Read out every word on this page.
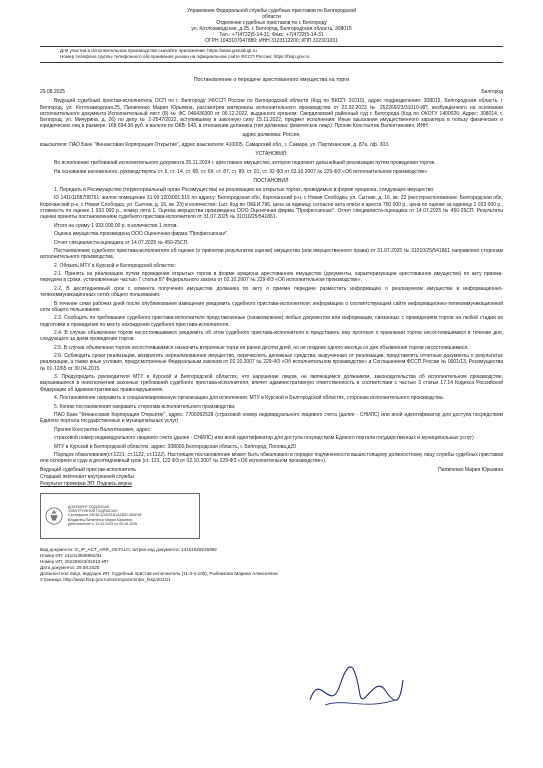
Управление Федеральной службы судебных приставов по Белгородской
области
Отделение судебных приставов по г. Белгороду
ул. Котлозаводская, д.25, г. Белгород, Белгородская область, 308015
Тел.: +7(4722)5-14-31; Факс: +7(4722)5-14-31
ОГРН 1043107047880; ИНН 3123112200; КПП 312301001
Для участия в исполнительном производстве скачайте приложение: https://www.gosuslugi.ru
Номер телефона группы телефонного обслуживания указан на официальном сайте ФССП России: https://fssp.gov.ru
Постановление о передаче арестованного имущества на торги
29.08.2025	Белгород

Ведущий судебный пристав-исполнитель ОСП по г. Белгороду УФССП России по Белгородской области (Код по ВКСП: 31010), адрес подразделения: 308015, Белгородская область, г Белгород, ул. Котлозаводская,25, Пилипенко Мария Юрьевна, рассмотрев материалы исполнительного производства от 22.02.2023 № 252269/23/31010-ИП, возбужденного на основании исполнительного документа Исполнительный лист (8) № ФС 046436300 от 06.12.2022, выданного органом: Свердловский районный суд г. Белгорода (Код по ОКОГУ 1400026; Адрес: 308014, г. Белгород, ул. Мичурина, д. 26) по делу № 2-2547/2022, вступившему в законную силу 15.11.2022, предмет исполнения: Иные взыскания имущественного характера в пользу физических и юридических лиц в размере: 168 694.36 руб. в валюте по ОКВ: 643, в отношении должника (тип должника: физическое лицо): Проняк Константин Валентинович, ИНН

адрес должника: Россия,

взыскателя: ПАО Банк "Финансовая Корпорация Открытие", адрес взыскателя: 410005, Самарский обл., г. Самара, ул. Партизанская, д. 87а, оф. 303,

УСТАНОВИЛ:

Во исполнение требований исполнительного документа 25.11.2024 г. арестовано имущество, которое подлежит дальнейшей реализации путем проведения торгов.

На основании изложенного, руководствуясь ст. 6, ст. 14, ст. 68, ст. 69, ст. 87, ст. 89, ст. 91, ст. 92 ФЗ от 02.10.2007 № 229-ФЗ «Об исполнительном производстве»

ПОСТАНОВИЛ:

1. Передать в Росимущество (территориальный орган Росимущества) на реализацию на открытых торгах, проводимых в форме аукциона, следующее имущество:

ID 14101158708761: жилое помещение 31:09:1203001:515 по адресу: Белгородская обл, Корочанский р-н, с Новая Слободка, ул. Сытник, д. 16, кв. 23 (месторасположение: Белгородская обл, Корочанский р-н, с Новая Слободка, ул. Сытник, д. 16, кв. 23) в количестве: 1шт. Код по ОКЕИ 796, цена за единицу согласно акта описи и ареста 750 000 р., цена по оценке за единицу 1 933 000 р., стоимость по оценке 1 933 000 р., номер лота 1. Оценка имущества произведена ООО Оценочная фирма "Профессионал". Отчет специалиста-оценщика от 14.07.2025 № 450-25СП. Результаты оценки приняты постановлением судебного пристава-исполнителя от 31.07.2025 № 31010/25/541861.

Итого на сумму 1 933 000,00 р. в количестве 1 лотов.

Оценка имущества произведена ООО Оценочная фирма "Профессионал".

Отчет специалиста-оценщика от 14.07.2025 № 450-25СП.

Постановление судебного пристава-исполнителя об оценке (о принятии результатов оценки) имущества (или имущественного права) от 31.07.2025 № 31010/25/541861 направлено сторонам исполнительного производства.

2. Обязать МТУ в Курской и Белгородской областях:

2.1. Принять на реализацию путем проведения открытых торгов в форме аукциона арестованное имущество (документы, характеризующие арестованное имущество) по акту приема-передачи в сроки, установленные частью 7 статьи 87 Федерального закона от 02.10.2007 № 229-ФЗ «Об исполнительном производстве».

2.2. В десятидневный срок с момента получения имущества должника по акту о приеме передаче разместить информацию о реализуемом имуществе в информационно-телекоммуникационных сетях общего пользования.

В течение семи рабочих дней после опубликования извещения уведомить судебного пристава-исполнителя: информацию о соответствующем сайте информационно-телекоммуникационной сети общего пользования.

2.3. Сообщать по требованию судебного пристава-исполнителя представленные (ознакомление) любых документов или информации, связанных с проведением торгов на любой стадии их подготовки и проведения по месту нахождения судебного пристава-исполнителя.

2.4. В случае объявления торгов несостоявшимися уведомить об этом судебного пристава-исполнителя и представить ему протокол о признании торгов несостоявшимися в течение дня, следующего за днем проведения торгов.

2.5. В случае объявления торгов несостоявшимися назначить вторичные торги не ранее десяти дней, но не позднее одного месяца со дня объявления торгов несостоявшимися.

2.6. Соблюдать сроки реализации, возвратить нереализованное имущество, перечислить денежные средства, вырученные от реализации, представлять отчетные документы о результатах реализации, а также иные условия, предусмотренные Федеральным законом от 02.10.2007 № 229-ФЗ «Об исполнительном производстве» и Соглашением ФССП России № 0001/13, Росимущества № 01-12/65 от 30.04.2015.

3. Предупредить руководителя МТУ в Курской и Белгородской областях, что нарушение лицом, не являющимся должником, законодательства об исполнительном производстве, выразившееся в неисполнении законных требований судебного пристава-исполнителя, влечет административную ответственность в соответствии с частью 3 статьи 17.14 Кодекса Российской Федерации об административных правонарушениях.

4. Постановление направить в специализированную организацию для исполнения: МТУ в Курской и Белгородской областях, сторонам исполнительного производства.

5. Копию постановления направить сторонам исполнительного производства:

ПАО Банк "Финансовая Корпорация Открытие", адрес: 7706092528 (страховой номер индивидуального лицевого счета (далее - СНИЛС) или иной идентификатор для доступа посредством Единого портала государственных и муниципальных услуг)

Проняк Константин Валентинович, адрес:

страховой номер индивидуального лицевого счета (далее - СНИЛС) или иной идентификатор для доступа посредством Единого портала государственных и муниципальных услуг)

МТУ в Курской и Белгородской областях, адрес: 308000,Белгородская область, г. Белгород, Попова,д20

Порядок обжалования(ст.1221; ст.1122, ст.1122). Настоящее постановление может быть обжаловано в порядке подчиненности вышестоящему должностному лицу службы судебных приставов или оспорено в суде в десятидневный срок (ст. 121, 122 ФЗ от 02.10.2007 № 229-ФЗ «Об исполнительном производстве»).

Ведущий судебный пристав-исполнитель	Пилипенко Мария Юрьевна
Старший лейтенант внутренней службы
Результат проверки ЭП: Подпись верна
ДОКУМЕНТ ПОДПИСАН
ЭЛЕКТРОННОЙ ПОДПИСЬЮ
Сертификат 04E6C1D0001B1A2B3C4D5E6F
Владелец Пилипенко Мария Юрьевна
Действителен с 12.03.2025 по 05.06.2026

Вид документа: О_IP_ACT_ARR_GETALG; Штрих-код документа: 14101528246992

Номер ИП: 141013808992/84

Номер ИП: 252269/23/31010-ИП

Дата документа: 29.08.2025

Должностное лицо, ведущее ИП: Судебный пристав-исполнитель (11-3-4-105), Рыбникова Марина Алексеевна

Страница: http://www.fssp.gov.ru/iss/respace/order_fssp/2022/1
